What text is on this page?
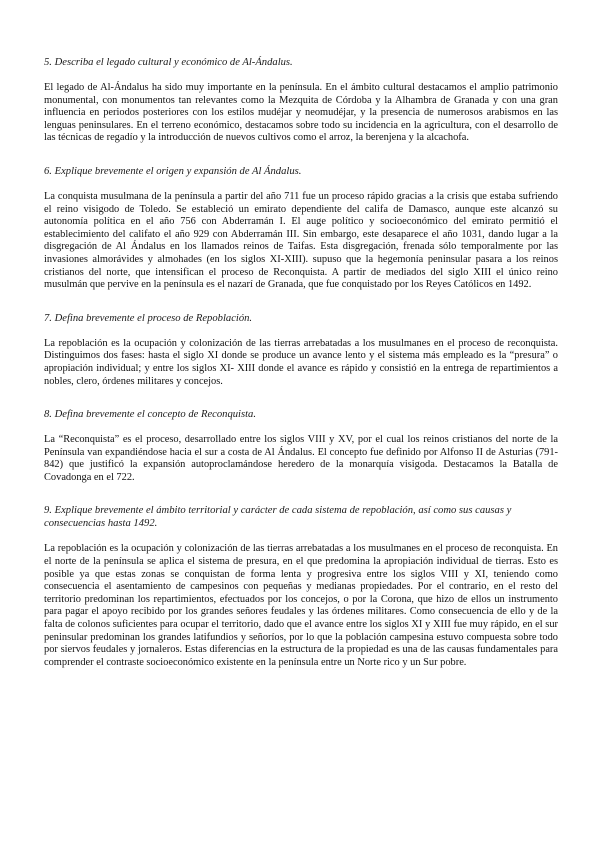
5. Describa el legado cultural y económico de Al-Ándalus.

El legado de Al-Ándalus ha sido muy importante en la península. En el ámbito cultural destacamos el amplio patrimonio monumental, con monumentos tan relevantes como la Mezquita de Córdoba y la Alhambra de Granada y con una gran influencia en periodos posteriores con los estilos mudéjar y neomudéjar, y la presencia de numerosos arabismos en las lenguas peninsulares. En el terreno económico, destacamos sobre todo su incidencia en la agricultura, con el desarrollo de las técnicas de regadío y la introducción de nuevos cultivos como el arroz, la berenjena y la alcachofa.

6. Explique brevemente el origen y expansión de Al Ándalus.

La conquista musulmana de la península a partir del año 711 fue un proceso rápido gracias a la crisis que estaba sufriendo el reino visigodo de Toledo. Se estableció un emirato dependiente del califa de Damasco, aunque este alcanzó su autonomía política en el año 756 con Abderramán I. El auge político y socioeconómico del emirato permitió el establecimiento del califato el año 929 con Abderramán III. Sin embargo, este desaparece el año 1031, dando lugar a la disgregación de Al Ándalus en los llamados reinos de Taifas. Esta disgregación, frenada sólo temporalmente por las invasiones almorávides y almohades (en los siglos XI-XIII). supuso que la hegemonía peninsular pasara a los reinos cristianos del norte, que intensifican el proceso de Reconquista. A partir de mediados del siglo XIII el único reino musulmán que pervive en la península es el nazarí de Granada, que fue conquistado por los Reyes Católicos en 1492.

7. Defina brevemente el proceso de Repoblación.

La repoblación es la ocupación y colonización de las tierras arrebatadas a los musulmanes en el proceso de reconquista. Distinguimos dos fases: hasta el siglo XI donde se produce un avance lento y el sistema más empleado es la “presura” o apropiación individual; y entre los siglos XI- XIII donde el avance es rápido y consistió en la entrega de repartimientos a nobles, clero, órdenes militares y concejos.

8. Defina brevemente el concepto de Reconquista.

La “Reconquista” es el proceso, desarrollado entre los siglos VIII y XV, por el cual los reinos cristianos del norte de la Península van expandiéndose hacia el sur a costa de Al Ándalus. El concepto fue definido por Alfonso II de Asturias (791-842) que justificó la expansión autoproclamándose heredero de la monarquía visigoda. Destacamos la Batalla de Covadonga en el 722.

9. Explique brevemente el ámbito territorial y carácter de cada sistema de repoblación, así como sus causas y consecuencias hasta 1492.

La repoblación es la ocupación y colonización de las tierras arrebatadas a los musulmanes en el proceso de reconquista. En el norte de la península se aplica el sistema de presura, en el que predomina la apropiación individual de tierras. Esto es posible ya que estas zonas se conquistan de forma lenta y progresiva entre los siglos VIII y XI, teniendo como consecuencia el asentamiento de campesinos con pequeñas y medianas propiedades. Por el contrario, en el resto del territorio predominan los repartimientos, efectuados por los concejos, o por la Corona, que hizo de ellos un instrumento para pagar el apoyo recibido por los grandes señores feudales y las órdenes militares. Como consecuencia de ello y de la falta de colonos suficientes para ocupar el territorio, dado que el avance entre los siglos XI y XIII fue muy rápido, en el sur peninsular predominan los grandes latifundios y señoríos, por lo que la población campesina estuvo compuesta sobre todo por siervos feudales y jornaleros. Estas diferencias en la estructura de la propiedad es una de las causas fundamentales para comprender el contraste socioeconómico existente en la península entre un Norte rico y un Sur pobre.
